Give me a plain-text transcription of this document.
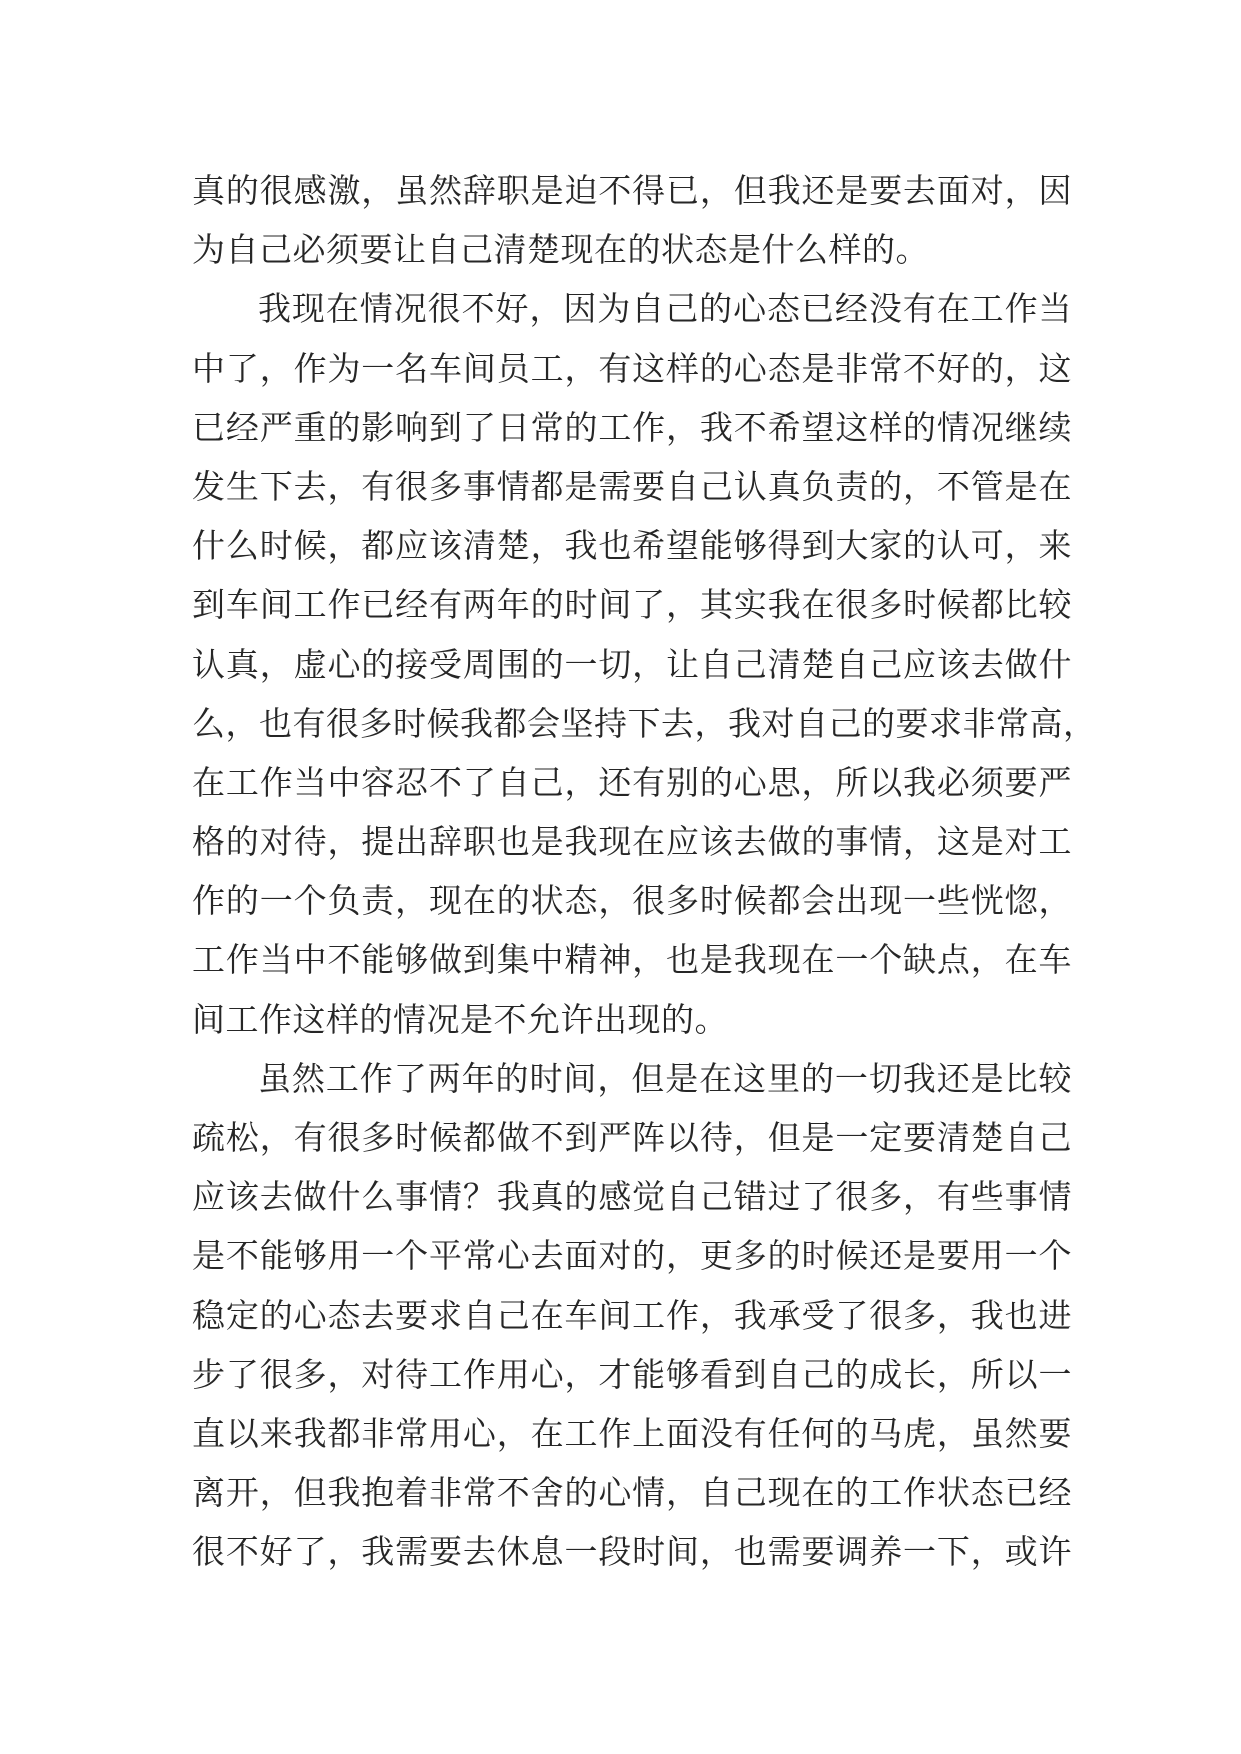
真的很感激，虽然辞职是迫不得已，但我还是要去面对，因
为自己必须要让自己清楚现在的状态是什么样的。
我现在情况很不好，因为自己的心态已经没有在工作当
中了，作为一名车间员工，有这样的心态是非常不好的，这
已经严重的影响到了日常的工作，我不希望这样的情况继续
发生下去，有很多事情都是需要自己认真负责的，不管是在
什么时候，都应该清楚，我也希望能够得到大家的认可，来
到车间工作已经有两年的时间了，其实我在很多时候都比较
认真，虚心的接受周围的一切，让自己清楚自己应该去做什
么，也有很多时候我都会坚持下去，我对自己的要求非常高，
在工作当中容忍不了自己，还有别的心思，所以我必须要严
格的对待，提出辞职也是我现在应该去做的事情，这是对工
作的一个负责，现在的状态，很多时候都会出现一些恍惚，
工作当中不能够做到集中精神，也是我现在一个缺点，在车
间工作这样的情况是不允许出现的。
虽然工作了两年的时间，但是在这里的一切我还是比较
疏松，有很多时候都做不到严阵以待，但是一定要清楚自己
应该去做什么事情？我真的感觉自己错过了很多，有些事情
是不能够用一个平常心去面对的，更多的时候还是要用一个
稳定的心态去要求自己在车间工作，我承受了很多，我也进
步了很多，对待工作用心，才能够看到自己的成长，所以一
直以来我都非常用心，在工作上面没有任何的马虎，虽然要
离开，但我抱着非常不舍的心情，自己现在的工作状态已经
很不好了，我需要去休息一段时间，也需要调养一下，或许
